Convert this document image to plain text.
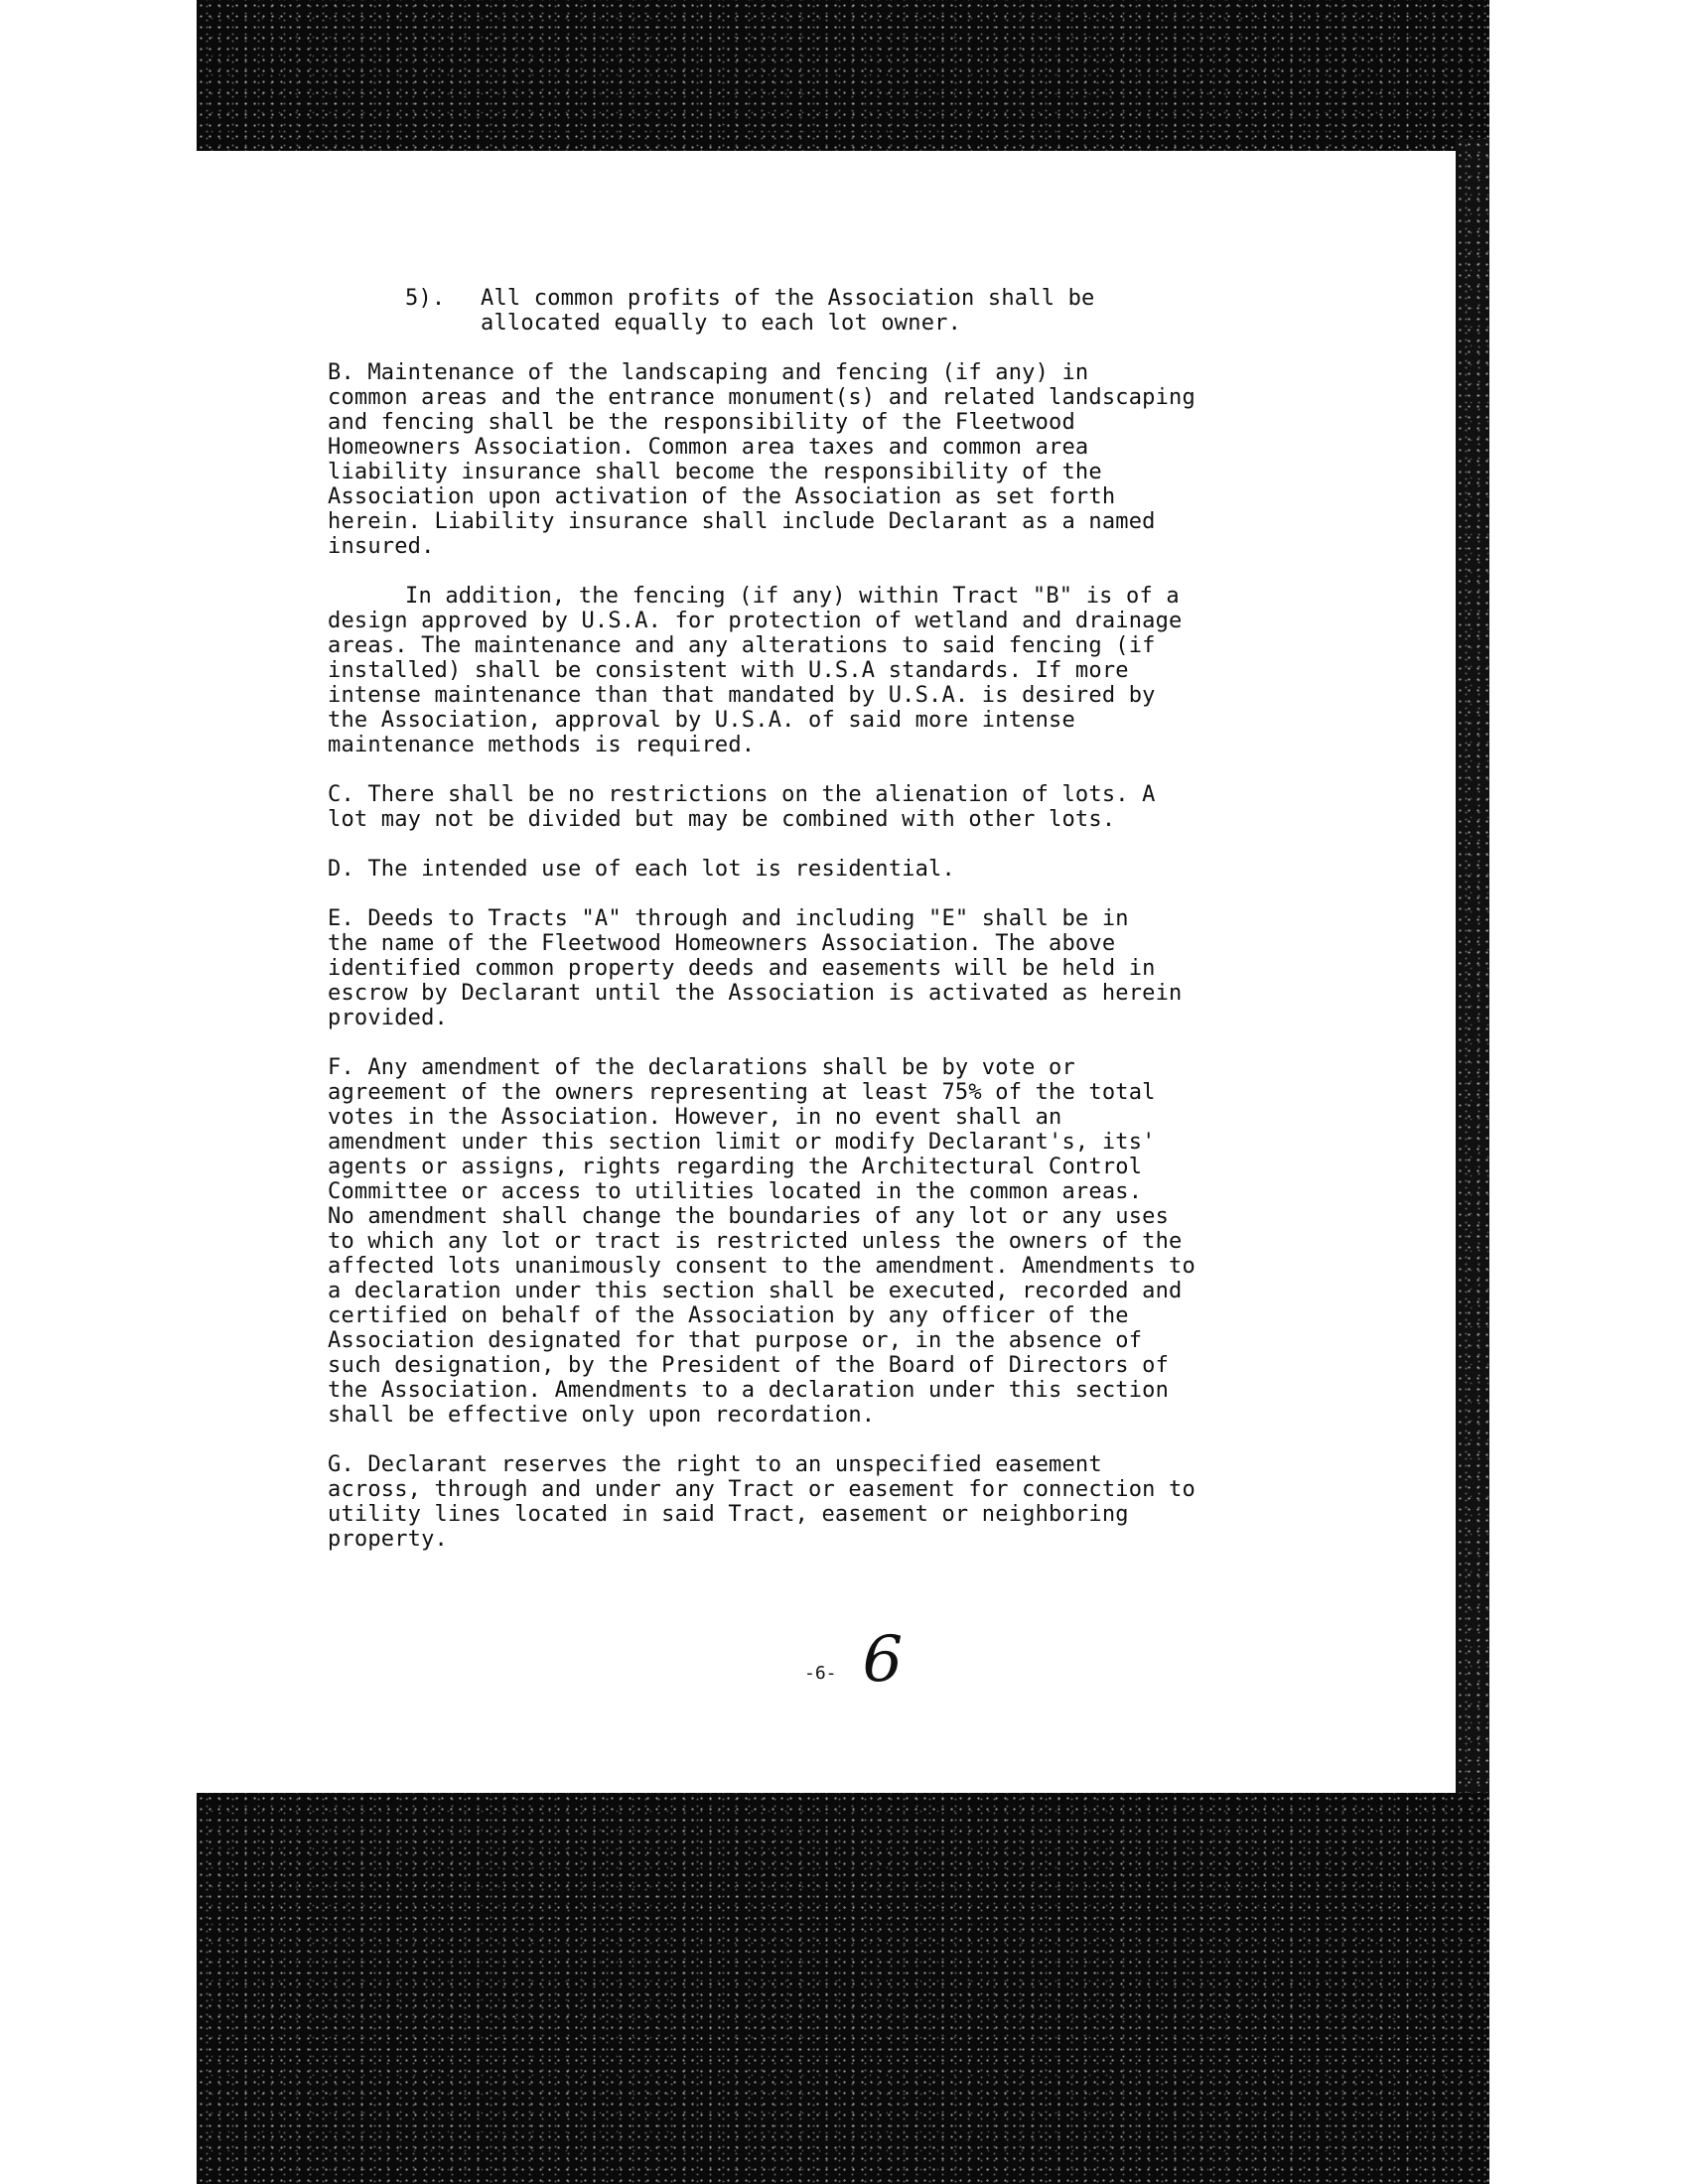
5).	All common profits of the Association shall be
allocated equally to each lot owner.

B. Maintenance of the landscaping and fencing (if any) in
common areas and the entrance monument(s) and related landscaping
and fencing shall be the responsibility of the Fleetwood
Homeowners Association. Common area taxes and common area
liability insurance shall become the responsibility of the
Association upon activation of the Association as set forth
herein. Liability insurance shall include Declarant as a named
insured.

In addition, the fencing (if any) within Tract "B" is of a
design approved by U.S.A. for protection of wetland and drainage
areas. The maintenance and any alterations to said fencing (if
installed) shall be consistent with U.S.A standards. If more
intense maintenance than that mandated by U.S.A. is desired by
the Association, approval by U.S.A. of said more intense
maintenance methods is required.

C. There shall be no restrictions on the alienation of lots. A
lot may not be divided but may be combined with other lots.

D. The intended use of each lot is residential.

E. Deeds to Tracts "A" through and including "E" shall be in
the name of the Fleetwood Homeowners Association. The above
identified common property deeds and easements will be held in
escrow by Declarant until the Association is activated as herein
provided.

F. Any amendment of the declarations shall be by vote or
agreement of the owners representing at least 75% of the total
votes in the Association. However, in no event shall an
amendment under this section limit or modify Declarant's, its'
agents or assigns, rights regarding the Architectural Control
Committee or access to utilities located in the common areas.
No amendment shall change the boundaries of any lot or any uses
to which any lot or tract is restricted unless the owners of the
affected lots unanimously consent to the amendment. Amendments to
a declaration under this section shall be executed, recorded and
certified on behalf of the Association by any officer of the
Association designated for that purpose or, in the absence of
such designation, by the President of the Board of Directors of
the Association. Amendments to a declaration under this section
shall be effective only upon recordation.

G. Declarant reserves the right to an unspecified easement
across, through and under any Tract or easement for connection to
utility lines located in said Tract, easement or neighboring
property.

-6- 6
